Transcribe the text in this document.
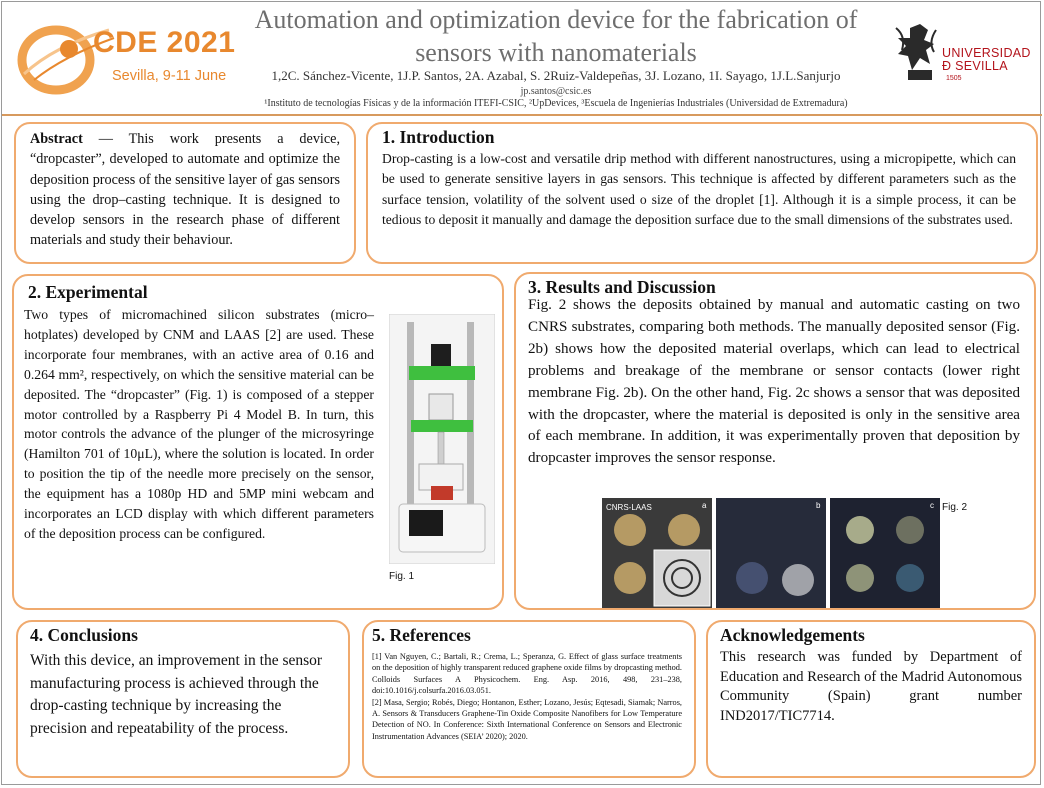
CDE 2021
Sevilla, 9-11 June
Automation and optimization device for the fabrication of sensors with nanomaterials
1,2C. Sánchez-Vicente, 1J.P. Santos, 2A. Azabal, S. 2Ruiz-Valdepeñas, 3J. Lozano, 1I. Sayago, 1J.L.Sanjurjo
jp.santos@csic.es
¹Instituto de tecnologías Físicas y de la información ITEFI-CSIC, ²UpDevices, ³Escuela de Ingenierías Industriales (Universidad de Extremadura)
UNIVERSIDAD Ð SEVILLA
1505
Abstract — This work presents a device, “dropcaster”, developed to automate and optimize the deposition process of the sensitive layer of gas sensors using the drop–casting technique. It is designed to develop sensors in the research phase of different materials and study their behaviour.
1. Introduction
Drop-casting is a low-cost and versatile drip method with different nanostructures, using a micropipette, which can be used to generate sensitive layers in gas sensors. This technique is affected by different parameters such as the surface tension, volatility of the solvent used o size of the droplet [1]. Although it is a simple process, it can be tedious to deposit it manually and damage the deposition surface due to the small dimensions of the substrates used.
2. Experimental
Two types of micromachined silicon substrates (micro–hotplates) developed by CNM and LAAS [2] are used. These incorporate four membranes, with an active area of 0.16 and 0.264 mm², respectively, on which the sensitive material can be deposited. The “dropcaster” (Fig. 1) is composed of a stepper motor controlled by a Raspberry Pi 4 Model B. In turn, this motor controls the advance of the plunger of the microsyringe (Hamilton 701 of 10μL), where the solution is located. In order to position the tip of the needle more precisely on the sensor, the equipment has a 1080p HD and 5MP mini webcam and incorporates an LCD display with which different parameters of the deposition process can be configured.
Fig. 1
3. Results and Discussion
Fig. 2 shows the deposits obtained by manual and automatic casting on two CNRS substrates, comparing both methods. The manually deposited sensor (Fig. 2b) shows how the deposited material overlaps, which can lead to electrical problems and breakage of the membrane or sensor contacts (lower right membrane Fig. 2b). On the other hand, Fig. 2c shows a sensor that was deposited with the dropcaster, where the material is deposited is only in the sensitive area of each membrane. In addition, it was experimentally proven that deposition by dropcaster improves the sensor response.
CNRS-LAAS	a	b	c Fig. 2
4. Conclusions
With this device, an improvement in the sensor manufacturing process is achieved through the drop-casting technique by increasing the precision and repeatability of the process.
5. References
[1] Van Nguyen, C.; Bartali, R.; Crema, L.; Speranza, G. Effect of glass surface treatments on the deposition of highly transparent reduced graphene oxide films by dropcasting method. Colloids Surfaces A Physicochem. Eng. Asp. 2016, 498, 231–238, doi:10.1016/j.colsurfa.2016.03.051.
[2] Masa, Sergio; Robés, Diego; Hontanon, Esther; Lozano, Jesús; Eqtesadi, Siamak; Narros, A. Sensors & Transducers Graphene-Tin Oxide Composite Nanofibers for Low Temperature Detection of NO. In Conference: Sixth International Conference on Sensors and Electronic Instrumentation Advances (SEIA’ 2020); 2020.
Acknowledgements
This research was funded by Department of Education and Research of the Madrid Autonomous Community (Spain) grant number IND2017/TIC7714.
